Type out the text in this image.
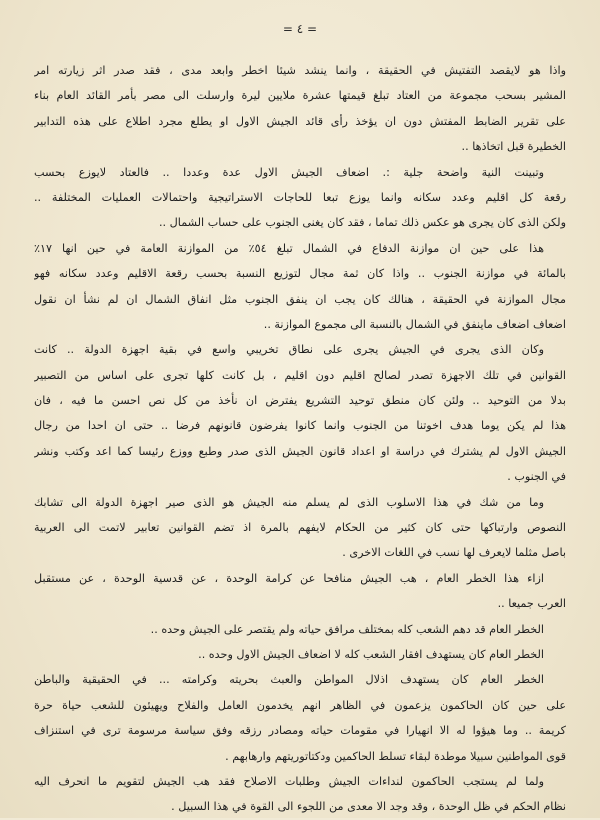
= ٤ =
واذا هو لايقصد التفتيش في الحقيقة ، وانما ينشد شيئا اخطر وابعد مدى ، فقد صدر اثر زيارته امر
المشير بسحب مجموعة من العتاد تبلغ قيمتها عشرة ملايين ليرة وارسلت الى مصر بأمر القائد العام بناء
على تقرير الضابط المفتش دون ان يؤخذ رأى قائد الجيش الاول او يطلع مجرد اطلاع على هذه التدابير
الخطيرة قبل اتخاذها ..
وتبينت النية واضحة جلية :. اضعاف الجيش الاول عدة وعددا .. فالعتاد لايوزع بحسب
رقعة كل اقليم وعدد سكانه وانما يوزع تبعا للحاجات الاستراتيجية واحتمالات العمليات المختلفة ..
ولكن الذى كان يجرى هو عكس ذلك تماما ، فقد كان يغنى الجنوب على حساب الشمال ..
هذا على حين ان موازنة الدفاع في الشمال تبلغ ٥٤٪ من الموازنة العامة في حين انها ١٧٪
بالمائة في موازنة الجنوب .. واذا كان ثمة مجال لتوزيع النسبة بحسب رقعة الاقليم وعدد سكانه فهو
مجال الموازنة في الحقيقة ، هنالك كان يجب ان ينفق الجنوب مثل انفاق الشمال ان لم نشأ ان نقول
اضعاف اضعاف ماينفق في الشمال بالنسبة الى مجموع الموازنة ..
وكان الذى يجرى في الجيش يجرى على نطاق تخريبي واسع في بقية اجهزة الدولة .. كانت
القوانين في تلك الاجهزة تصدر لصالح اقليم دون اقليم ، بل كانت كلها تجرى على اساس من التصبير
بدلا من التوحيد .. ولئن كان منطق توحيد التشريع يفترض ان نأخذ من كل نص احسن ما فيه ، فان
هذا لم يكن يوما هدف اخوتنا من الجنوب وانما كانوا يفرضون قانونهم فرضا .. حتى ان احدا من رجال
الجيش الاول لم يشترك في دراسة او اعداد قانون الجيش الذى صدر وطبع ووزع رئيسا كما اعد وكتب ونشر
في الجنوب .
وما من شك في هذا الاسلوب الذى لم يسلم منه الجيش هو الذى صير اجهزة الدولة الى تشابك
النصوص وارتباكها حتى كان كثير من الحكام لايفهم بالمرة اذ تضم القوانين تعابير لاتمت الى العربية
باصل مثلما لايعرف لها نسب في اللغات الاخرى .
ازاء هذا الخطر العام ، هب الجيش منافحا عن كرامة الوحدة ، عن قدسية الوحدة ، عن مستقبل
العرب جميعا ..
الخطر العام قد دهم الشعب كله بمختلف مرافق حياته ولم يقتصر على الجيش وحده ..
الخطر العام كان يستهدف افقار الشعب كله لا اضعاف الجيش الاول وحده ..
الخطر العام كان يستهدف اذلال المواطن والعبث بحريته وكرامته ... في الحقيقية والباطن
على حين كان الحاكمون يزعمون في الظاهر انهم يخدمون العامل والفلاح ويهيئون للشعب حياة حرة
كريمة .. وما هيؤوا له الا انهيارا في مقومات حياته ومصادر رزقه وفق سياسة مرسومة ترى في استنزاف
قوى المواطنين سبيلا موطدة لبقاء تسلط الحاكمين ودكتاتوريتهم وارهابهم .
ولما لم يستجب الحاكمون لنداءات الجيش وطلبات الاصلاح فقد هب الجيش لتقويم ما انحرف اليه
نظام الحكم في ظل الوحدة ، وقد وجد الا معدى من اللجوء الى القوة في هذا السبيل .
